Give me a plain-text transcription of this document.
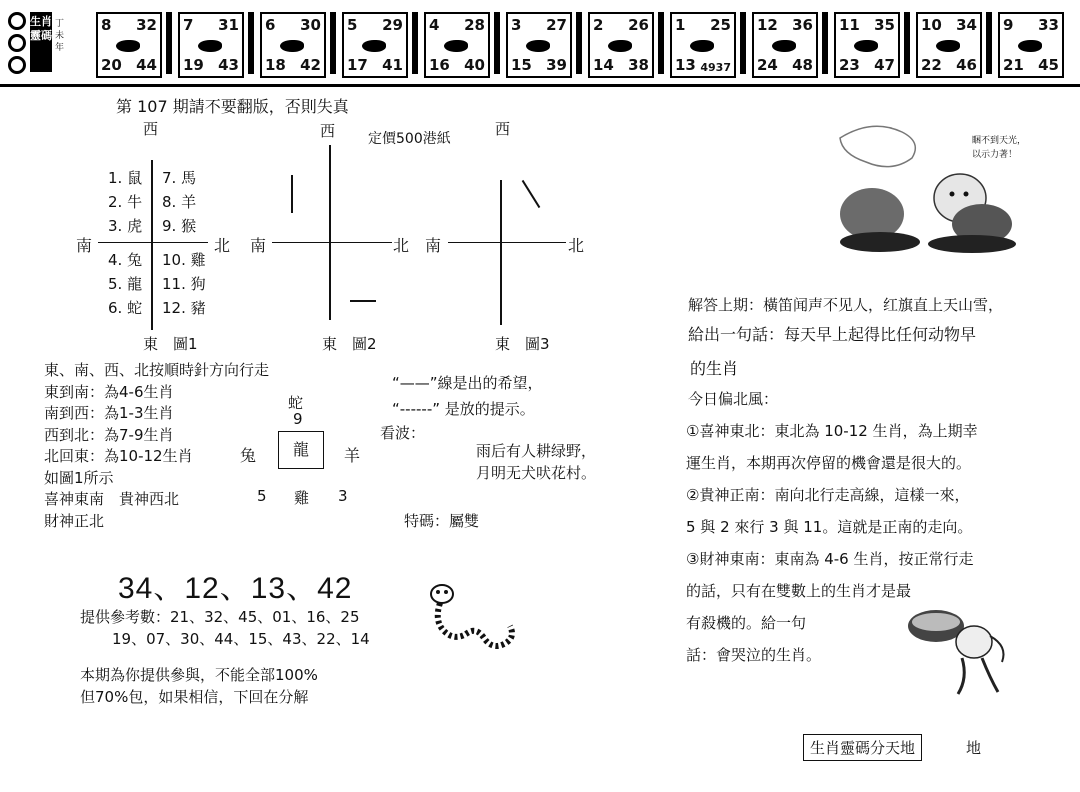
生肖靈碼
丁未年
8 32
20 44
7 31
19 43
6 30
18 42
5 29
17 41
4 28
16 40
3 27
15 39
2 26
14 38
1 25
13 4937
12 36
24 48
11 35
23 47
10 34
22 46
9 33
21 45
第 107 期請不要翻版，否則失真
定價500港紙
西
南	北
1. 鼠
2. 牛
3. 虎
4. 兔
5. 龍
6. 蛇
7. 馬
8. 羊
9. 猴
10. 雞
11. 狗
12. 豬
東　圖1
西
南	北
東　圖2
西
南	北
東　圖3
東、南、西、北按順時針方向行走
東到南：為4-6生肖
南到西：為1-3生肖
西到北：為7-9生肖
北回東：為10-12生肖
如圖1所示
喜神東南　貴神西北
財神正北
蛇
9
兔	龍	羊
5 雞 3
“——”線是出的希望，
“------” 是放的提示。
看波：
雨后有人耕绿野，
月明无犬吠花村。
特碼：屬雙
34、12、13、42
提供參考數：21、32、45、01、16、25
19、07、30、44、15、43、22、14
本期為你提供參與，不能全部100%
但70%包，如果相信，下回在分解
睏不到天光，以示力著！
解答上期：橫笛闻声不见人，红旗直上天山雪，
給出一句話：每天早上起得比任何动物早
的生肖
今日偏北風：
①喜神東北：東北為 10-12 生肖，為上期幸
運生肖，本期再次停留的機會還是很大的。
②貴神正南：南向北行走高線，這樣一來，
5 與 2 來行 3 與 11。這就是正南的走向。
③財神東南：東南為 4-6 生肖，按正常行走
的話，只有在雙數上的生肖才是最
有殺機的。給一句
話：會哭泣的生肖。
生肖靈碼分天地	地
